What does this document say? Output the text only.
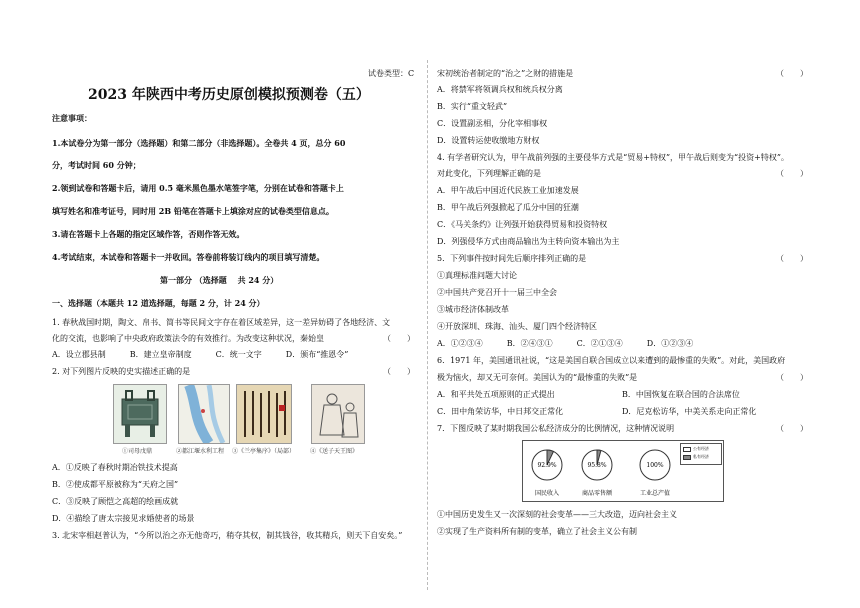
试卷类型：C
2023 年陕西中考历史原创模拟预测卷（五）
注意事项：
1.本试卷分为第一部分（选择题）和第二部分（非选择题）。全卷共 4 页，总分 60
分，考试时间 60 分钟；
2.领到试卷和答题卡后，请用 0.5 毫米黑色墨水笔签字笔，分别在试卷和答题卡上
填写姓名和准考证号，同时用 2B 铅笔在答题卡上填涂对应的试卷类型信息点。
3.请在答题卡上各题的指定区域作答，否则作答无效。
4.考试结束，本试卷和答题卡一并收回。答卷前将装订线内的项目填写清楚。
第一部分 （选择题　 共 24 分）
一、选择题（本题共 12 道选择题，每题 2 分，计 24 分）
1. 春秋战国时期，陶文、帛书、简书等民间文字存在着区域差异，这一差异妨碍了各地经济、文
化的交流，也影响了中央政府政策法令的有效推行。为改变这种状况，秦始皇	（　　）
A．设立郡县制　　　B．建立皇帝制度　　　C．统一文字　　　D．颁布“推恩令”
2. 对下列图片反映的史实描述正确的是	（　　）
①司母戊鼎	②都江堰水利工程 ③《兰亭集序》（局部） ④《送子天王图》
A．①反映了春秋时期冶铁技术提高
B．②使成都平原被称为“天府之国”
C．③反映了顾恺之高超的绘画成就
D．④描绘了唐太宗接见求婚使者的场景
3. 北宋宰相赵普认为，“今所以治之亦无他奇巧，稍夺其权，制其钱谷，收其精兵，则天下自安矣。”
宋初统治者制定的“治之”之财的措施是	（　　）
A．将禁军将领调兵权和统兵权分离
B．实行“重文轻武”
C．设置副丞相，分化宰相事权
D．设置转运使收缴地方财权
4. 有学者研究认为，甲午战前列强的主要侵华方式是“贸易+特权”，甲午战后则变为“投资+特权”。
对此变化，下列理解正确的是	（　　）
A．甲午战后中国近代民族工业加速发展
B．甲午战后列强掀起了瓜分中国的狂潮
C．《马关条约》让列强开始获得贸易和投资特权
D．列强侵华方式由商品输出为主转向资本输出为主
5．下列事件按时间先后顺序排列正确的是	（　　）
①真理标准问题大讨论
②中国共产党召开十一届三中全会
③城市经济体制改革
④开放深圳、珠海、汕头、厦门四个经济特区
A．①②③④　　　B．②④③①　　　C．②①③④　　　D．①②③④
6．1971 年，美国通讯社说，“这是美国自联合国成立以来遭到的最惨重的失败”。对此，美国政府
极为恼火，却又无可奈何。美国认为的“最惨重的失败”是	（　　）
A．和平共处五项原则的正式提出	B．中国恢复在联合国的合法席位
C．田中角荣访华，中日邦交正常化	D．尼克松访华，中美关系走向正常化
7．下图反映了某时期我国公私经济成分的比例情况，这种情况说明	（　　）
92.9%
国民收入
95.8%
商品零售额
100%
工业总产值
公有经济
私有经济
①中国历史发生又一次深刻的社会变革——三大改造，迈向社会主义
②实现了生产资料所有制的变革，确立了社会主义公有制
